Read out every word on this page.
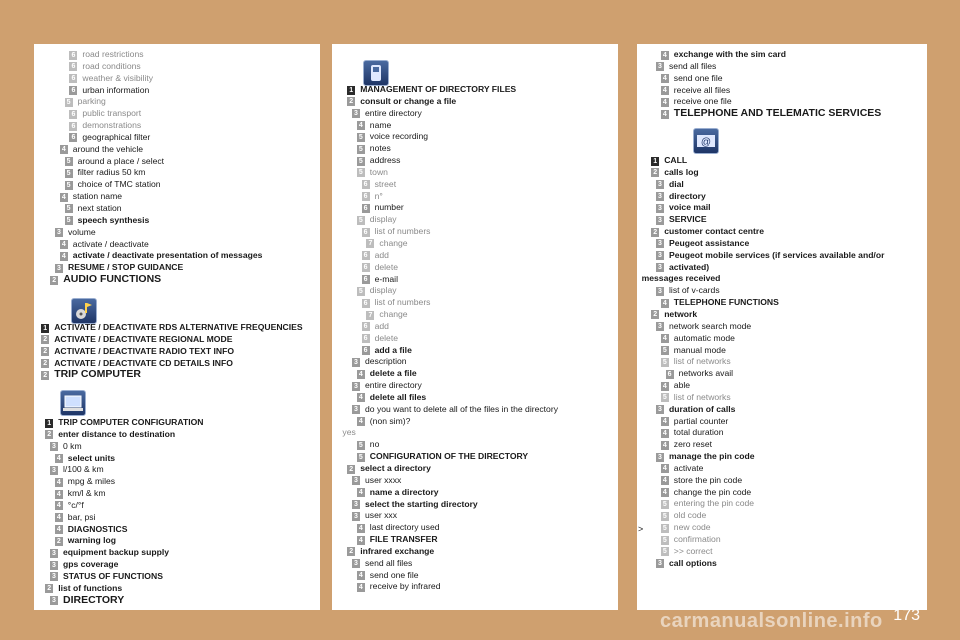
6 road restrictions
6 road conditions
6 weather & visibility
6 urban information
5 parking
6 public transport
6 demonstrations
6 geographical filter
4 around the vehicle
5 around a place / select
5 filter radius 50 km
5 choice of TMC station
4 station name
5 next station
5 speech synthesis
3 volume
4 activate / deactivate
4 activate / deactivate presentation of messages
3 RESUME / STOP GUIDANCE
2 AUDIO FUNCTIONS
1 ACTIVATE / DEACTIVATE RDS ALTERNATIVE FREQUENCIES
2 ACTIVATE / DEACTIVATE REGIONAL MODE
2 ACTIVATE / DEACTIVATE RADIO TEXT INFO
2 ACTIVATE / DEACTIVATE CD DETAILS INFO
2 TRIP COMPUTER
1 TRIP COMPUTER CONFIGURATION
2 enter distance to destination
3 0 km
4 select units
3 l/100 & km
4 mpg & miles
4 km/l & km
4 °c/°f
4 bar, psi
4 DIAGNOSTICS
2 warning log
3 equipment backup supply
3 gps coverage
3 STATUS OF FUNCTIONS
2 list of functions
3 DIRECTORY
1 MANAGEMENT OF DIRECTORY FILES
2 consult or change a file
3 entire directory
4 name
5 voice recording
5 notes
5 address
5 town
6 street
6 n°
6 number
5 display
6 list of numbers
7 change
6 add
6 delete
6 e-mail
5 display
6 list of numbers
7 change
6 add
6 delete
6 add a file
3 description
4 delete a file
3 entire directory
4 delete all files
3 do you want to delete all of the files in the directory
4 (non sim)?
yes
5 no
5 CONFIGURATION OF THE DIRECTORY
2 select a directory
3 user xxxx
4 name a directory
3 select the starting directory
3 user xxx
4 last directory used
4 FILE TRANSFER
2 infrared exchange
3 send all files
4 send one file
4 receive by infrared
4 exchange with the sim card
3 send all files
4 send one file
4 receive all files
4 receive one file
4 TELEPHONE AND TELEMATIC SERVICES
@
1 CALL
2 calls log
3 dial
3 directory
3 voice mail
3 SERVICE
2 customer contact centre
3 Peugeot assistance
3 Peugeot mobile services (if services available and/or
3 activated)
messages received
3 list of v-cards
4 TELEPHONE FUNCTIONS
2 network
3 network search mode
4 automatic mode
5 manual mode
5 list of networks
6 networks avail
4 able
5 list of networks
3 duration of calls
4 partial counter
4 total duration
4 zero reset
3 manage the pin code
4 activate
4 store the pin code
4 change the pin code
5 entering the pin code
5 old code
5 new code
5 confirmation
5 >> correct
3 call options
>
173
carmanualsonline.info
